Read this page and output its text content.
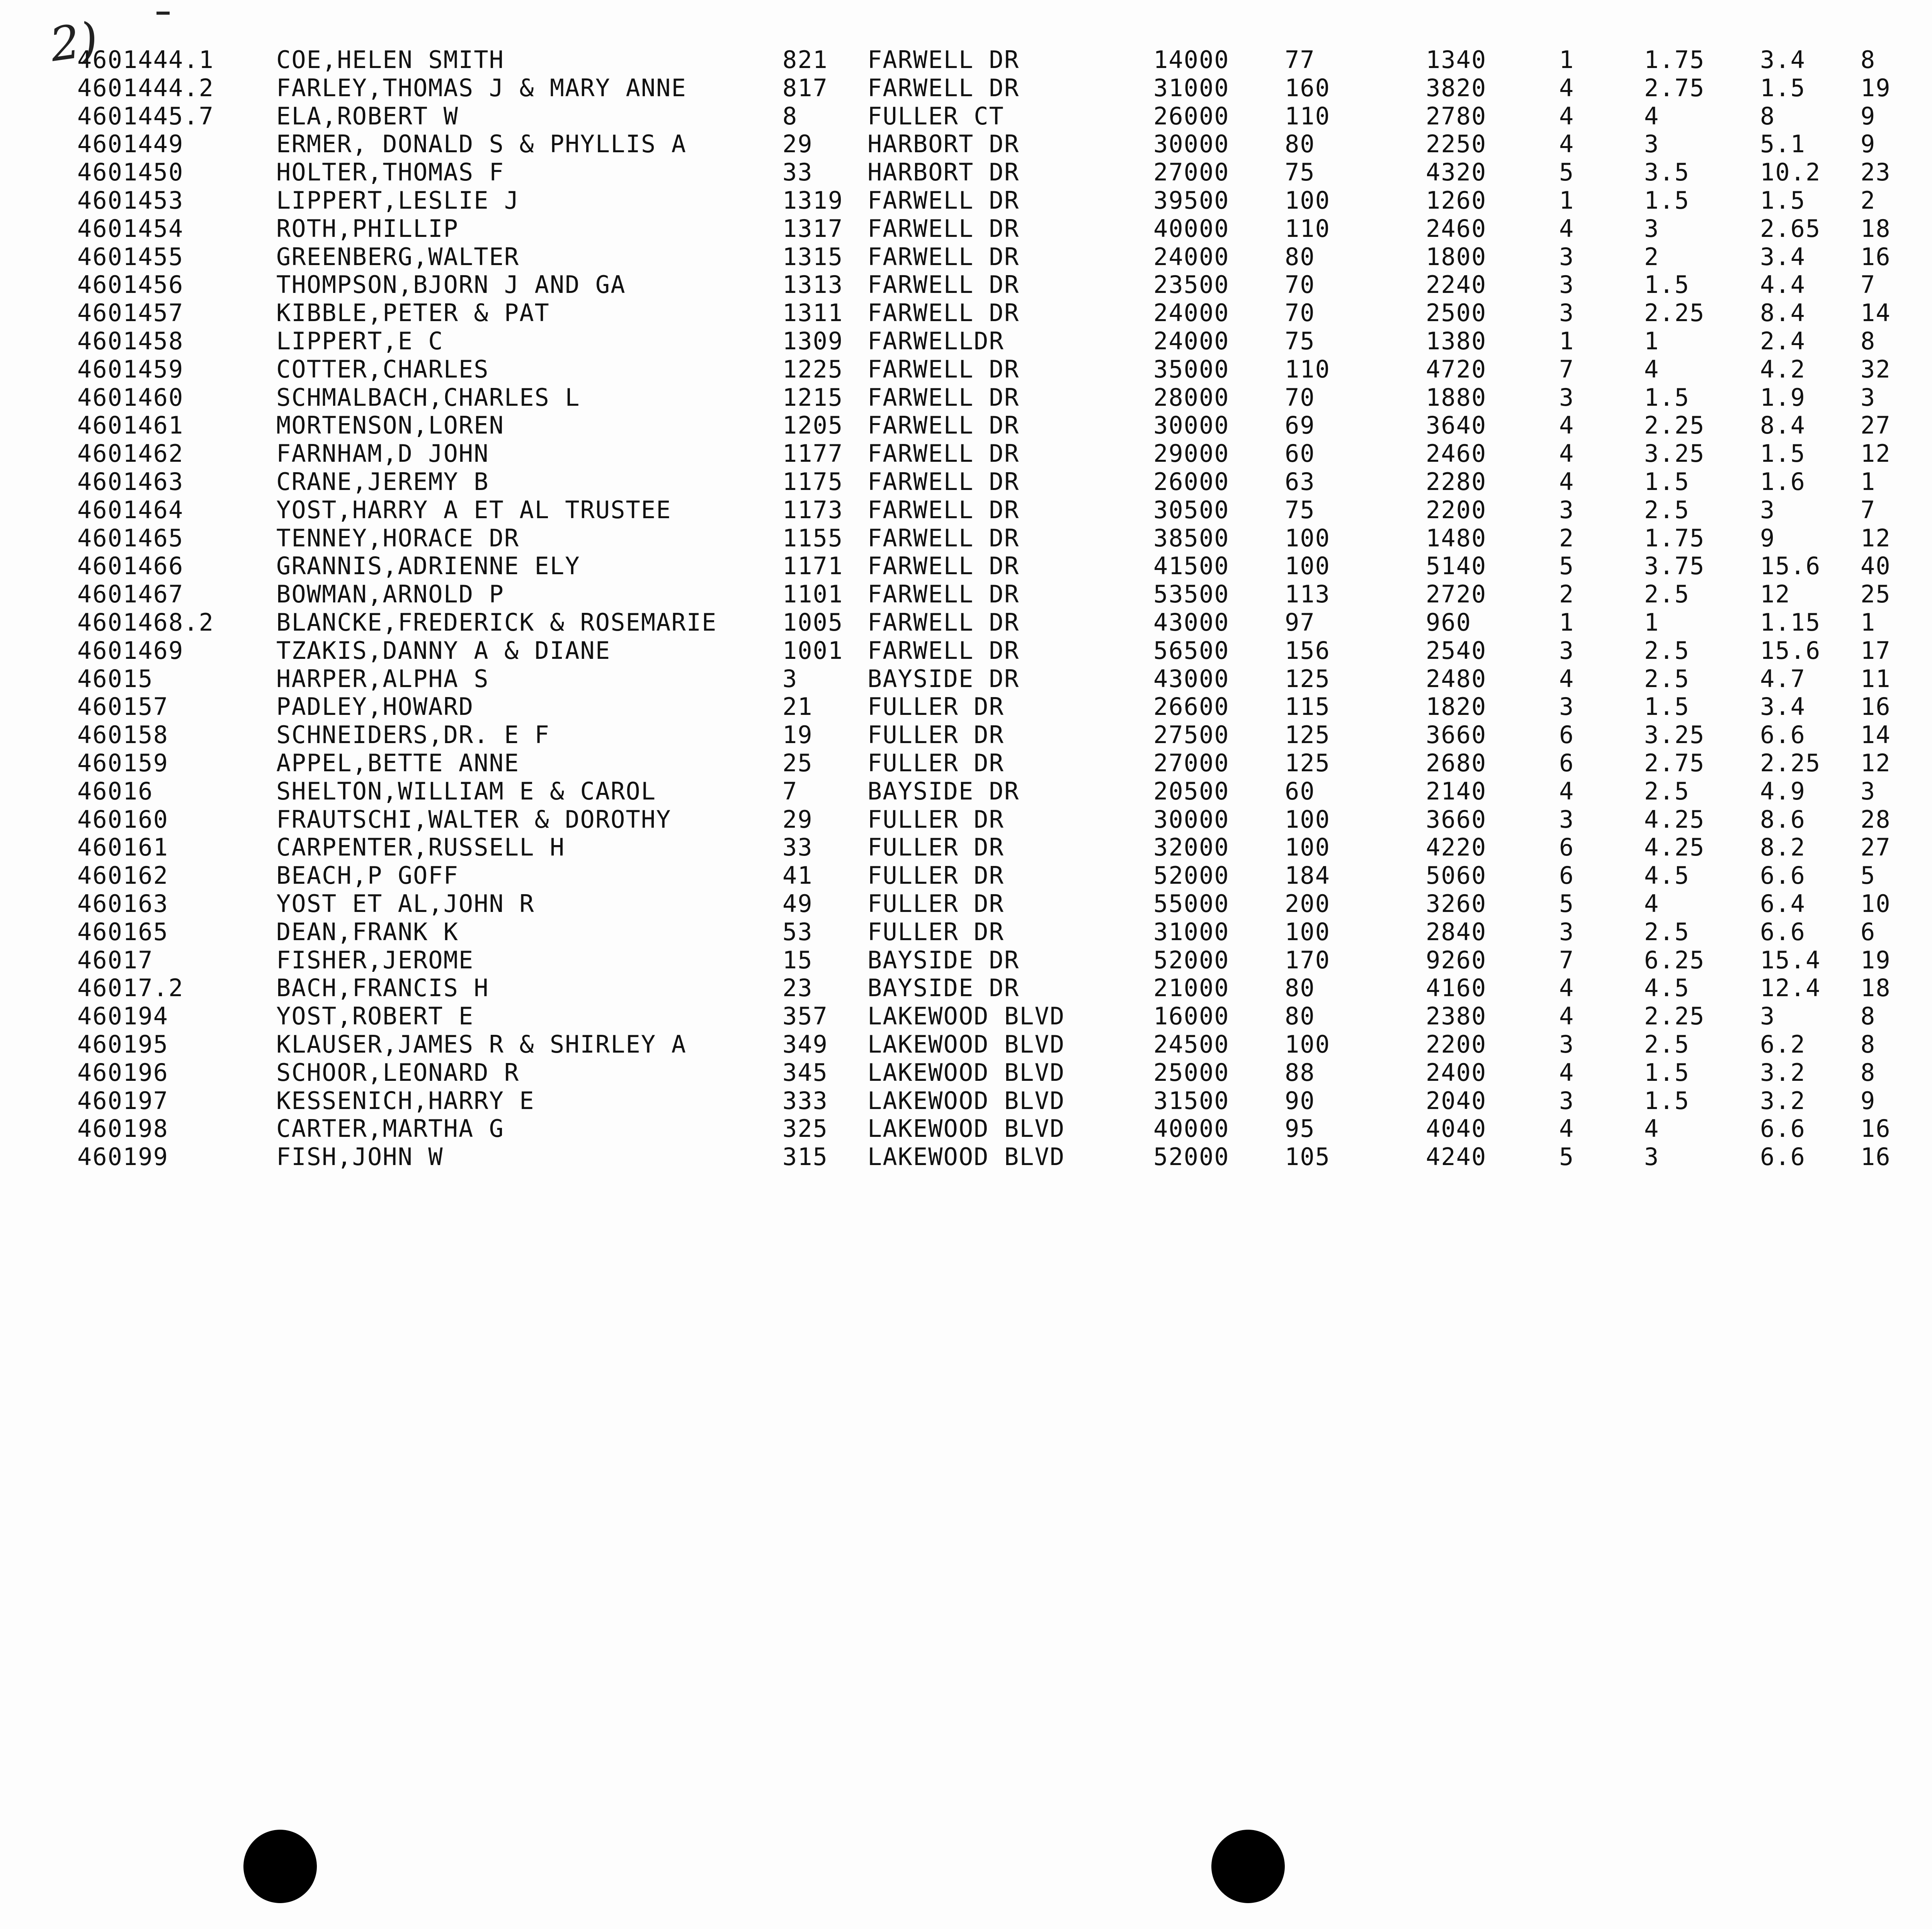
2)
4601444.1	COE,HELEN SMITH	821 FARWELL DR	14000 77	1340	1	1.75 3.4 8
4601444.2	FARLEY,THOMAS J & MARY ANNE	817 FARWELL DR	31000 160	3820	4	2.75 1.5 19
4601445.7	ELA,ROBERT W	8	FULLER CT	26000 110	2780	4	4	8	9
4601449	ERMER, DONALD S & PHYLLIS A	29 HARBORT DR	30000 80	2250	4	3	5.1 9
4601450	HOLTER,THOMAS F	33 HARBORT DR	27000 75	4320	5	3.5	10.2 23
4601453	LIPPERT,LESLIE J	1319 FARWELL DR	39500 100	1260	1	1.5	1.5 2
4601454	ROTH,PHILLIP	1317 FARWELL DR	40000 110	2460	4	3	2.65 18
4601455	GREENBERG,WALTER	1315 FARWELL DR	24000 80	1800	3	2	3.4 16
4601456	THOMPSON,BJORN J AND GA	1313 FARWELL DR	23500 70	2240	3	1.5	4.4 7
4601457	KIBBLE,PETER & PAT	1311 FARWELL DR	24000 70	2500	3	2.25 8.4 14
4601458	LIPPERT,E C	1309 FARWELLDR	24000 75	1380	1	1	2.4 8
4601459	COTTER,CHARLES	1225 FARWELL DR	35000 110	4720	7	4	4.2 32
4601460	SCHMALBACH,CHARLES L	1215 FARWELL DR	28000 70	1880	3	1.5	1.9 3
4601461	MORTENSON,LOREN	1205 FARWELL DR	30000 69	3640	4	2.25 8.4 27
4601462	FARNHAM,D JOHN	1177 FARWELL DR	29000 60	2460	4	3.25 1.5 12
4601463	CRANE,JEREMY B	1175 FARWELL DR	26000 63	2280	4	1.5	1.6 1
4601464	YOST,HARRY A ET AL TRUSTEE	1173 FARWELL DR	30500 75	2200	3	2.5	3	7
4601465	TENNEY,HORACE DR	1155 FARWELL DR	38500 100	1480	2	1.75 9	12
4601466	GRANNIS,ADRIENNE ELY	1171 FARWELL DR	41500 100	5140	5	3.75 15.6 40
4601467	BOWMAN,ARNOLD P	1101 FARWELL DR	53500 113	2720	2	2.5	12	25
4601468.2	BLANCKE,FREDERICK & ROSEMARIE	1005 FARWELL DR	43000 97	960	1	1	1.15 1
4601469	TZAKIS,DANNY A & DIANE	1001 FARWELL DR	56500 156	2540	3	2.5	15.6 17
46015	HARPER,ALPHA S	3	BAYSIDE DR	43000 125	2480	4	2.5	4.7 11
460157	PADLEY,HOWARD	21 FULLER DR	26600 115	1820	3	1.5	3.4 16
460158	SCHNEIDERS,DR. E F	19 FULLER DR	27500 125	3660	6	3.25 6.6 14
460159	APPEL,BETTE ANNE	25 FULLER DR	27000 125	2680	6	2.75 2.25 12
46016	SHELTON,WILLIAM E & CAROL	7	BAYSIDE DR	20500 60	2140	4	2.5	4.9 3
460160	FRAUTSCHI,WALTER & DOROTHY	29 FULLER DR	30000 100	3660	3	4.25 8.6 28
460161	CARPENTER,RUSSELL H	33 FULLER DR	32000 100	4220	6	4.25 8.2 27
460162	BEACH,P GOFF	41 FULLER DR	52000 184	5060	6	4.5	6.6 5
460163	YOST ET AL,JOHN R	49 FULLER DR	55000 200	3260	5	4	6.4 10
460165	DEAN,FRANK K	53 FULLER DR	31000 100	2840	3	2.5	6.6 6
46017	FISHER,JEROME	15 BAYSIDE DR	52000 170	9260	7	6.25 15.4 19
46017.2	BACH,FRANCIS H	23 BAYSIDE DR	21000 80	4160	4	4.5	12.4 18
460194	YOST,ROBERT E	357 LAKEWOOD BLVD	16000 80	2380	4	2.25 3	8
460195	KLAUSER,JAMES R & SHIRLEY A	349 LAKEWOOD BLVD	24500 100	2200	3	2.5	6.2 8
460196	SCHOOR,LEONARD R	345 LAKEWOOD BLVD	25000 88	2400	4	1.5	3.2 8
460197	KESSENICH,HARRY E	333 LAKEWOOD BLVD	31500 90	2040	3	1.5	3.2 9
460198	CARTER,MARTHA G	325 LAKEWOOD BLVD	40000 95	4040	4	4	6.6 16
460199	FISH,JOHN W	315 LAKEWOOD BLVD	52000 105	4240	5	3	6.6 16
